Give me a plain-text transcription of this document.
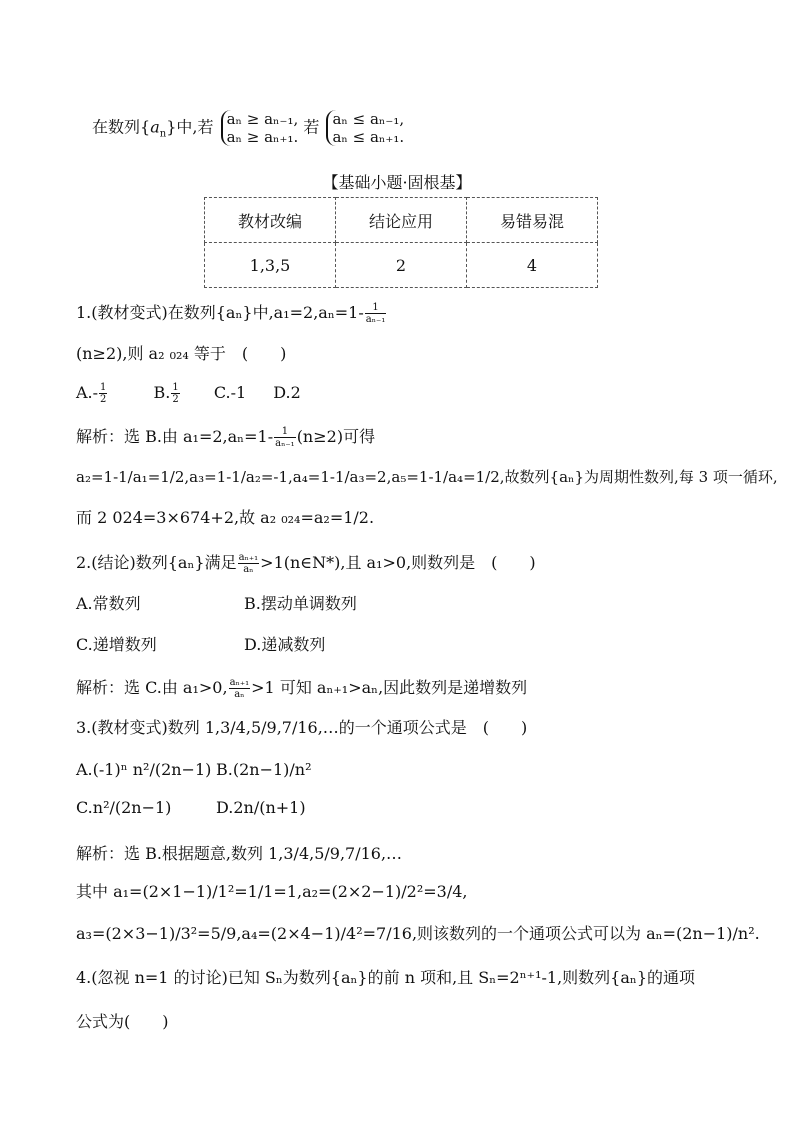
在数列$\{a_n\}$中,若 aₙ ≥ aₙ₋₁,
aₙ ≥ aₙ₊₁.
若 aₙ ≤ aₙ₋₁,
aₙ ≤ aₙ₊₁.
【基础小题·固根基】
教材改编	结论应用	易错易混
1,3,5	2	4
1.(教材变式)在数列{aₙ}中$,a_1=2,a_n=1- \frac{1}{\text{aₙ₋₁}}$
(n≥2),则 a₂ ₀₂₄ 等于　(　　)
$A.- \frac{1}{2}$	B. $\frac{1}{2} C.-1$ D.2
解析：选 B.由 $a_1=2,a_n=1- \frac{1}{\text{aₙ₋₁}} (n\ge 2)$可得
a₂=1-1/a₁=1/2,a₃=1-1/a₂=-1,a₄=1-1/a₃=2,a₅=1-1/a₄=1/2,故数列{aₙ}为周期性数列,每 3 项一循环,
而 2 024=3×674+2,故 a₂ ₀₂₄=a₂=1/2.
2.(结论)数列{aₙ}满足 $\frac{\text{aₙ₊₁}}{\text{aₙ}}$ >1(n∈N*),且 a₁>0,则数列是　(　　)
A.常数列	B.摆动单调数列
C.递增数列	D.递减数列
解析：选 C.由 a₁>0, $\frac{\text{aₙ₊₁}}{\text{aₙ}} >1$ 可知 aₙ₊₁>aₙ,因此数列是递增数列
3.(教材变式)数列 1,3/4,5/9,7/16,…的一个通项公式是　(　　)
A.(-1)ⁿ n²/(2n−1) B.(2n−1)/n²
C.n²/(2n−1)	D.2n/(n+1)
解析：选 B.根据题意,数列 1,3/4,5/9,7/16,…
其中 a₁=(2×1−1)/1²=1/1=1,a₂=(2×2−1)/2²=3/4,
a₃=(2×3−1)/3²=5/9,a₄=(2×4−1)/4²=7/16,则该数列的一个通项公式可以为 aₙ=(2n−1)/n².
4.(忽视 n=1 的讨论)已知 Sₙ为数列{aₙ}的前 n 项和,且 Sₙ=2ⁿ⁺¹-1,则数列{aₙ}的通项
公式为(　　)
